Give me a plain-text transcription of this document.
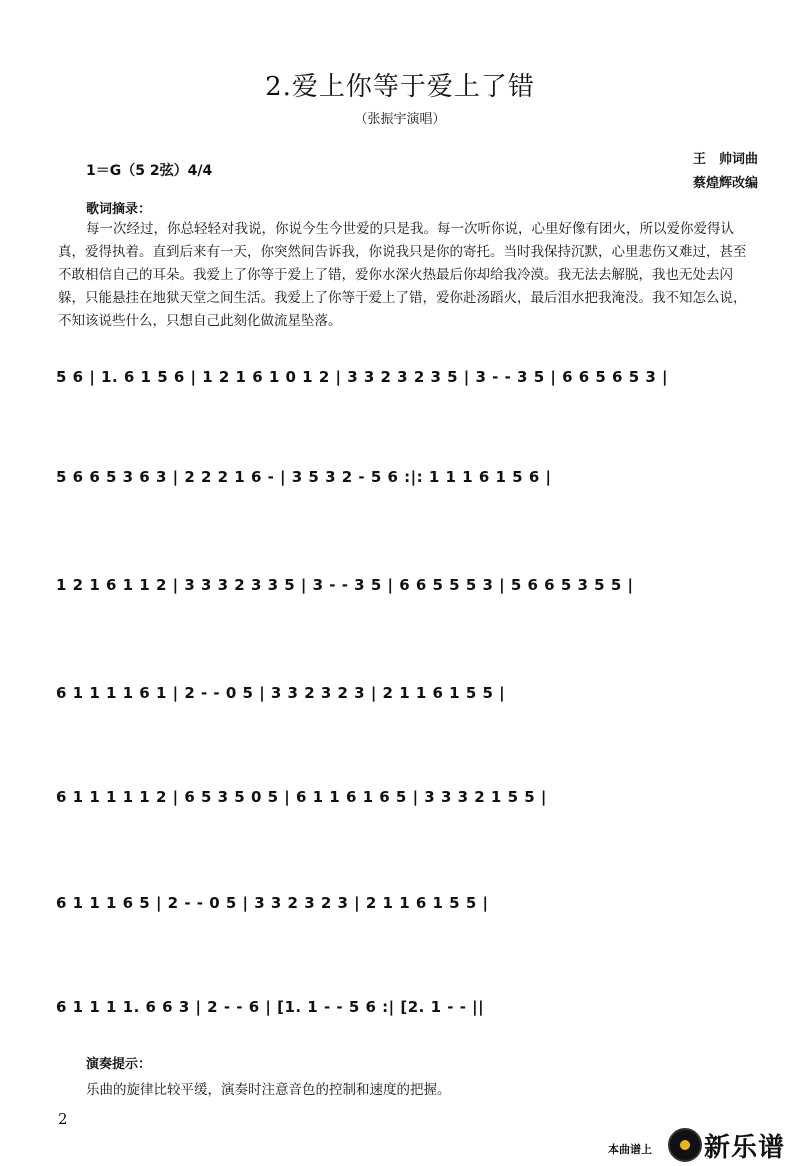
2.爱上你等于爱上了错
（张振宇演唱）
1＝G（5 2弦）4/4
王　帅词曲
蔡煌辉改编
歌词摘录：
每一次经过，你总轻轻对我说，你说今生今世爱的只是我。每一次听你说，心里好像有团火，所以爱你爱得认真，爱得执着。直到后来有一天，你突然间告诉我，你说我只是你的寄托。当时我保持沉默，心里悲伤又难过，甚至不敢相信自己的耳朵。我爱上了你等于爱上了错，爱你水深火热最后你却给我冷漠。我无法去解脱，我也无处去闪躲，只能悬挂在地狱天堂之间生活。我爱上了你等于爱上了错，爱你赴汤蹈火，最后泪水把我淹没。我不知怎么说，不知该说些什么，只想自己此刻化做流星坠落。
5 6 | 1. 6 1 5 6 | 1 2 1 6 1 0 1 2 | 3 3 2 3 2 3 5 | 3 - - 3 5 | 6 6 5 6 5 3 |
5 6 6 5 3 6 3 | 2 2 2 1 6 - | 3 5 3 2 - 5 6 :|: 1 1 1 6 1 5 6 |
1 2 1 6 1 1 2 | 3 3 3 2 3 3 5 | 3 - - 3 5 | 6 6 5 5 5 3 | 5 6 6 5 3 5 5 |
6 1 1 1 1 6 1 | 2 - - 0 5 | 3 3 2 3 2 3 | 2 1 1 6 1 5 5 |
6 1 1 1 1 1 2 | 6 5 3 5 0 5 | 6 1 1 6 1 6 5 | 3 3 3 2 1 5 5 |
6 1 1 1 6 5 | 2 - - 0 5 | 3 3 2 3 2 3 | 2 1 1 6 1 5 5 |
6 1 1 1 1. 6 6 3 | 2 - - 6 | [1. 1 - - 5 6 :| [2. 1 - - ||
演奏提示：
乐曲的旋律比较平缓，演奏时注意音色的控制和速度的把握。
2
本曲谱上 新乐谱
